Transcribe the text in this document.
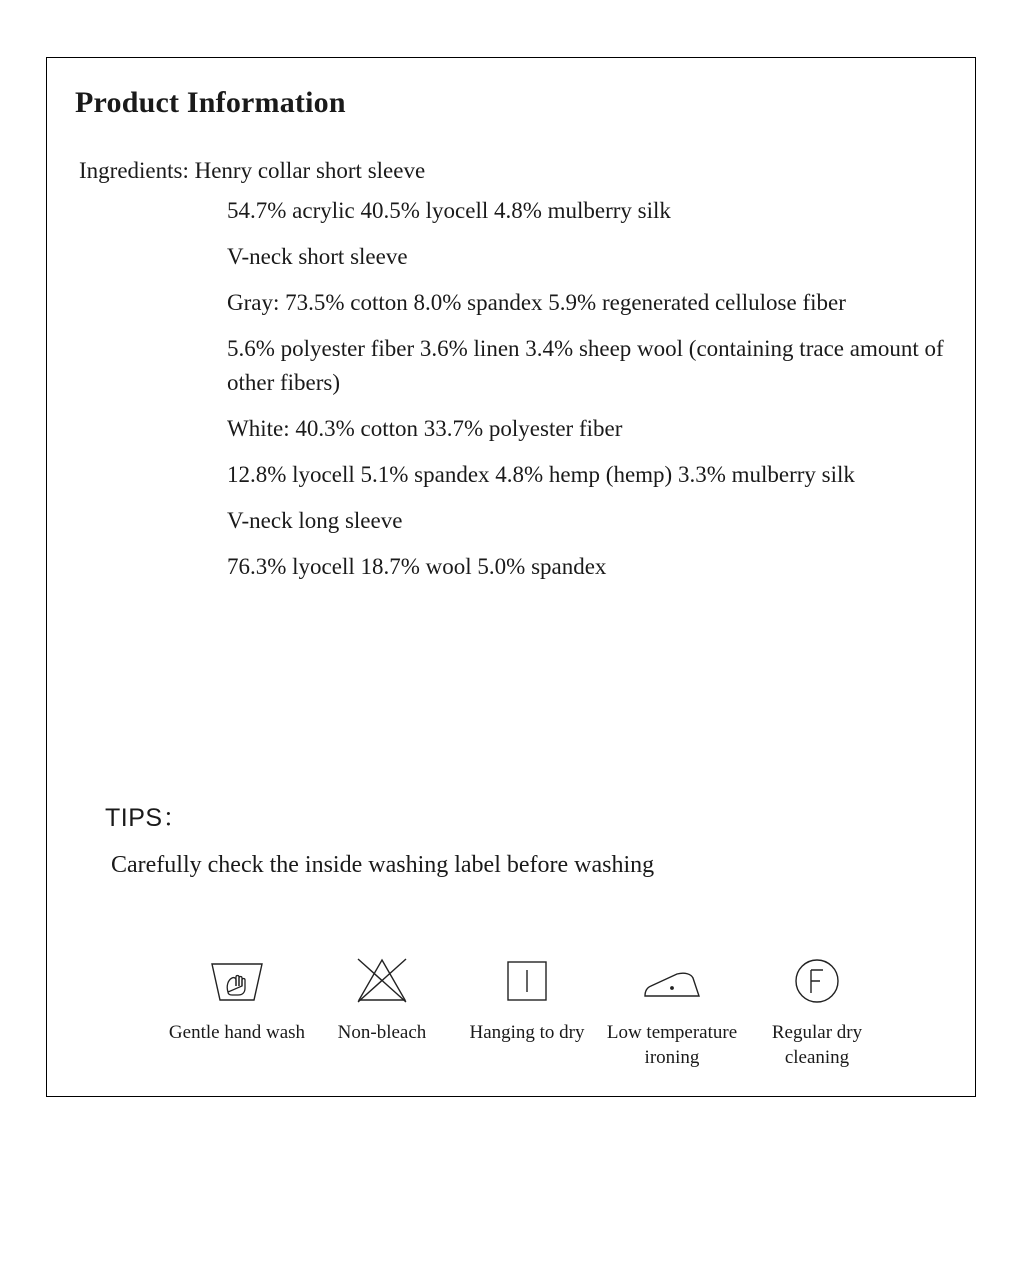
Product Information
Ingredients: Henry collar short sleeve
54.7% acrylic 40.5% lyocell 4.8% mulberry silk
V-neck short sleeve
Gray: 73.5% cotton 8.0% spandex 5.9% regenerated cellulose fiber
5.6% polyester fiber 3.6% linen 3.4% sheep wool (containing trace amount of other fibers)
White: 40.3% cotton 33.7% polyester fiber
12.8% lyocell 5.1% spandex 4.8% hemp (hemp) 3.3% mulberry silk
V-neck long sleeve
76.3% lyocell 18.7% wool 5.0% spandex
TIPS：
Carefully check the inside washing label before washing
Gentle hand wash Non-bleach Hanging to dry Low temperature ironing
Regular dry cleaning
